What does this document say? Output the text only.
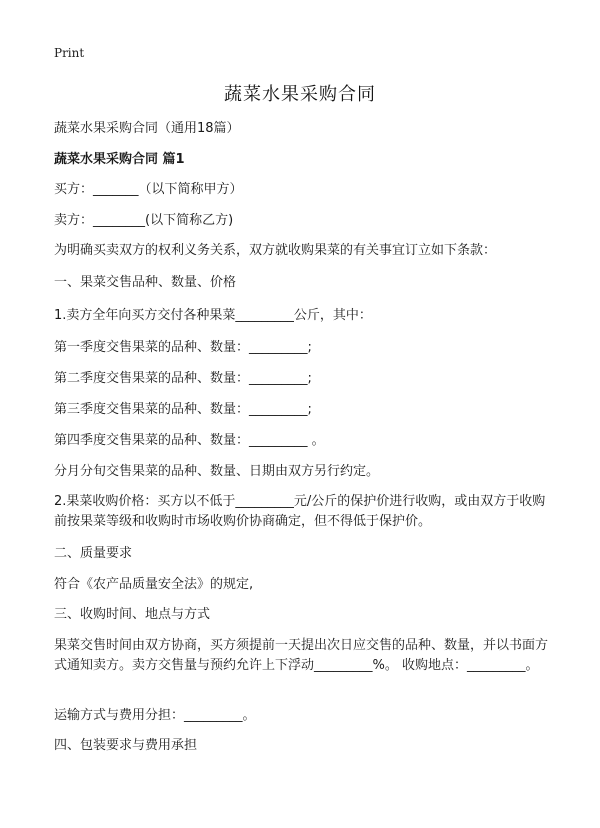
Print
蔬菜水果采购合同
蔬菜水果采购合同（通用18篇）
蔬菜水果采购合同 篇1
买方：_______（以下简称甲方）
卖方：________(以下简称乙方)
为明确买卖双方的权利义务关系，双方就收购果菜的有关事宜订立如下条款：
一、果菜交售品种、数量、价格
1.卖方全年向买方交付各种果菜_________公斤，其中：
第一季度交售果菜的品种、数量：_________;
第二季度交售果菜的品种、数量：_________;
第三季度交售果菜的品种、数量：_________;
第四季度交售果菜的品种、数量：_________ 。
分月分旬交售果菜的品种、数量、日期由双方另行约定。
2.果菜收购价格：买方以不低于_________元/公斤的保护价进行收购，或由双方于收购前按果菜等级和收购时市场收购价协商确定，但不得低于保护价。
二、质量要求
符合《农产品质量安全法》的规定,
三、收购时间、地点与方式
果菜交售时间由双方协商，买方须提前一天提出次日应交售的品种、数量，并以书面方式通知卖方。卖方交售量与预约允许上下浮动_________%。 收购地点：_________。
运输方式与费用分担：_________。
四、包装要求与费用承担
